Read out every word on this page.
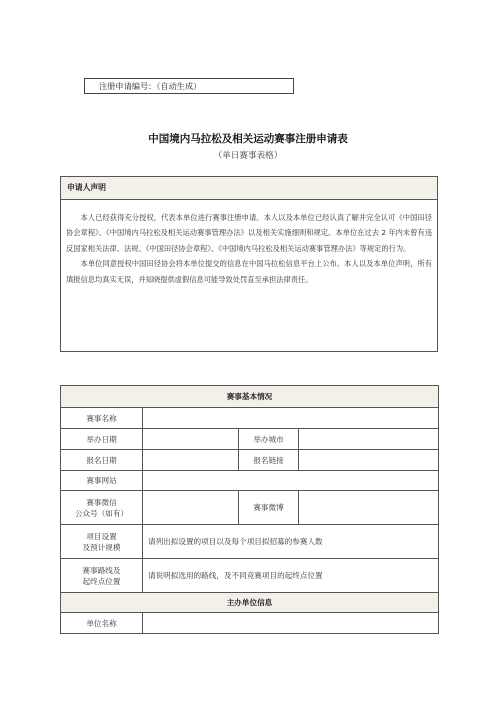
注册申请编号：（自动生成）
中国境内马拉松及相关运动赛事注册申请表
（单日赛事表格）
申请人声明

本人已经获得充分授权，代表本单位进行赛事注册申请。本人以及本单位已经认真了解并完全认可《中国田径协会章程》、《中国境内马拉松及相关运动赛事管理办法》以及相关实施细则和规定。本单位在过去 2 年内未曾有违反国家相关法律、法规、《中国田径协会章程》、《中国境内马拉松及相关运动赛事管理办法》等规定的行为。

本单位同意授权中国田径协会将本单位提交的信息在中国马拉松信息平台上公布。本人以及本单位声明，所有填报信息均真实无误，并知晓提供虚假信息可能导致处罚直至承担法律责任。

赛事基本情况			
赛事名称			
举办日期		举办城市	
报名日期		报名链接	
赛事网站			
赛事微信
公众号（如有）		赛事微博	
项目设置
及预计规模	请列出拟设置的项目以及每个项目拟招募的参赛人数		
赛事路线及
起终点位置	请说明拟选用的路线，及不同竞赛项目的起终点位置		
主办单位信息			
单位名称			
